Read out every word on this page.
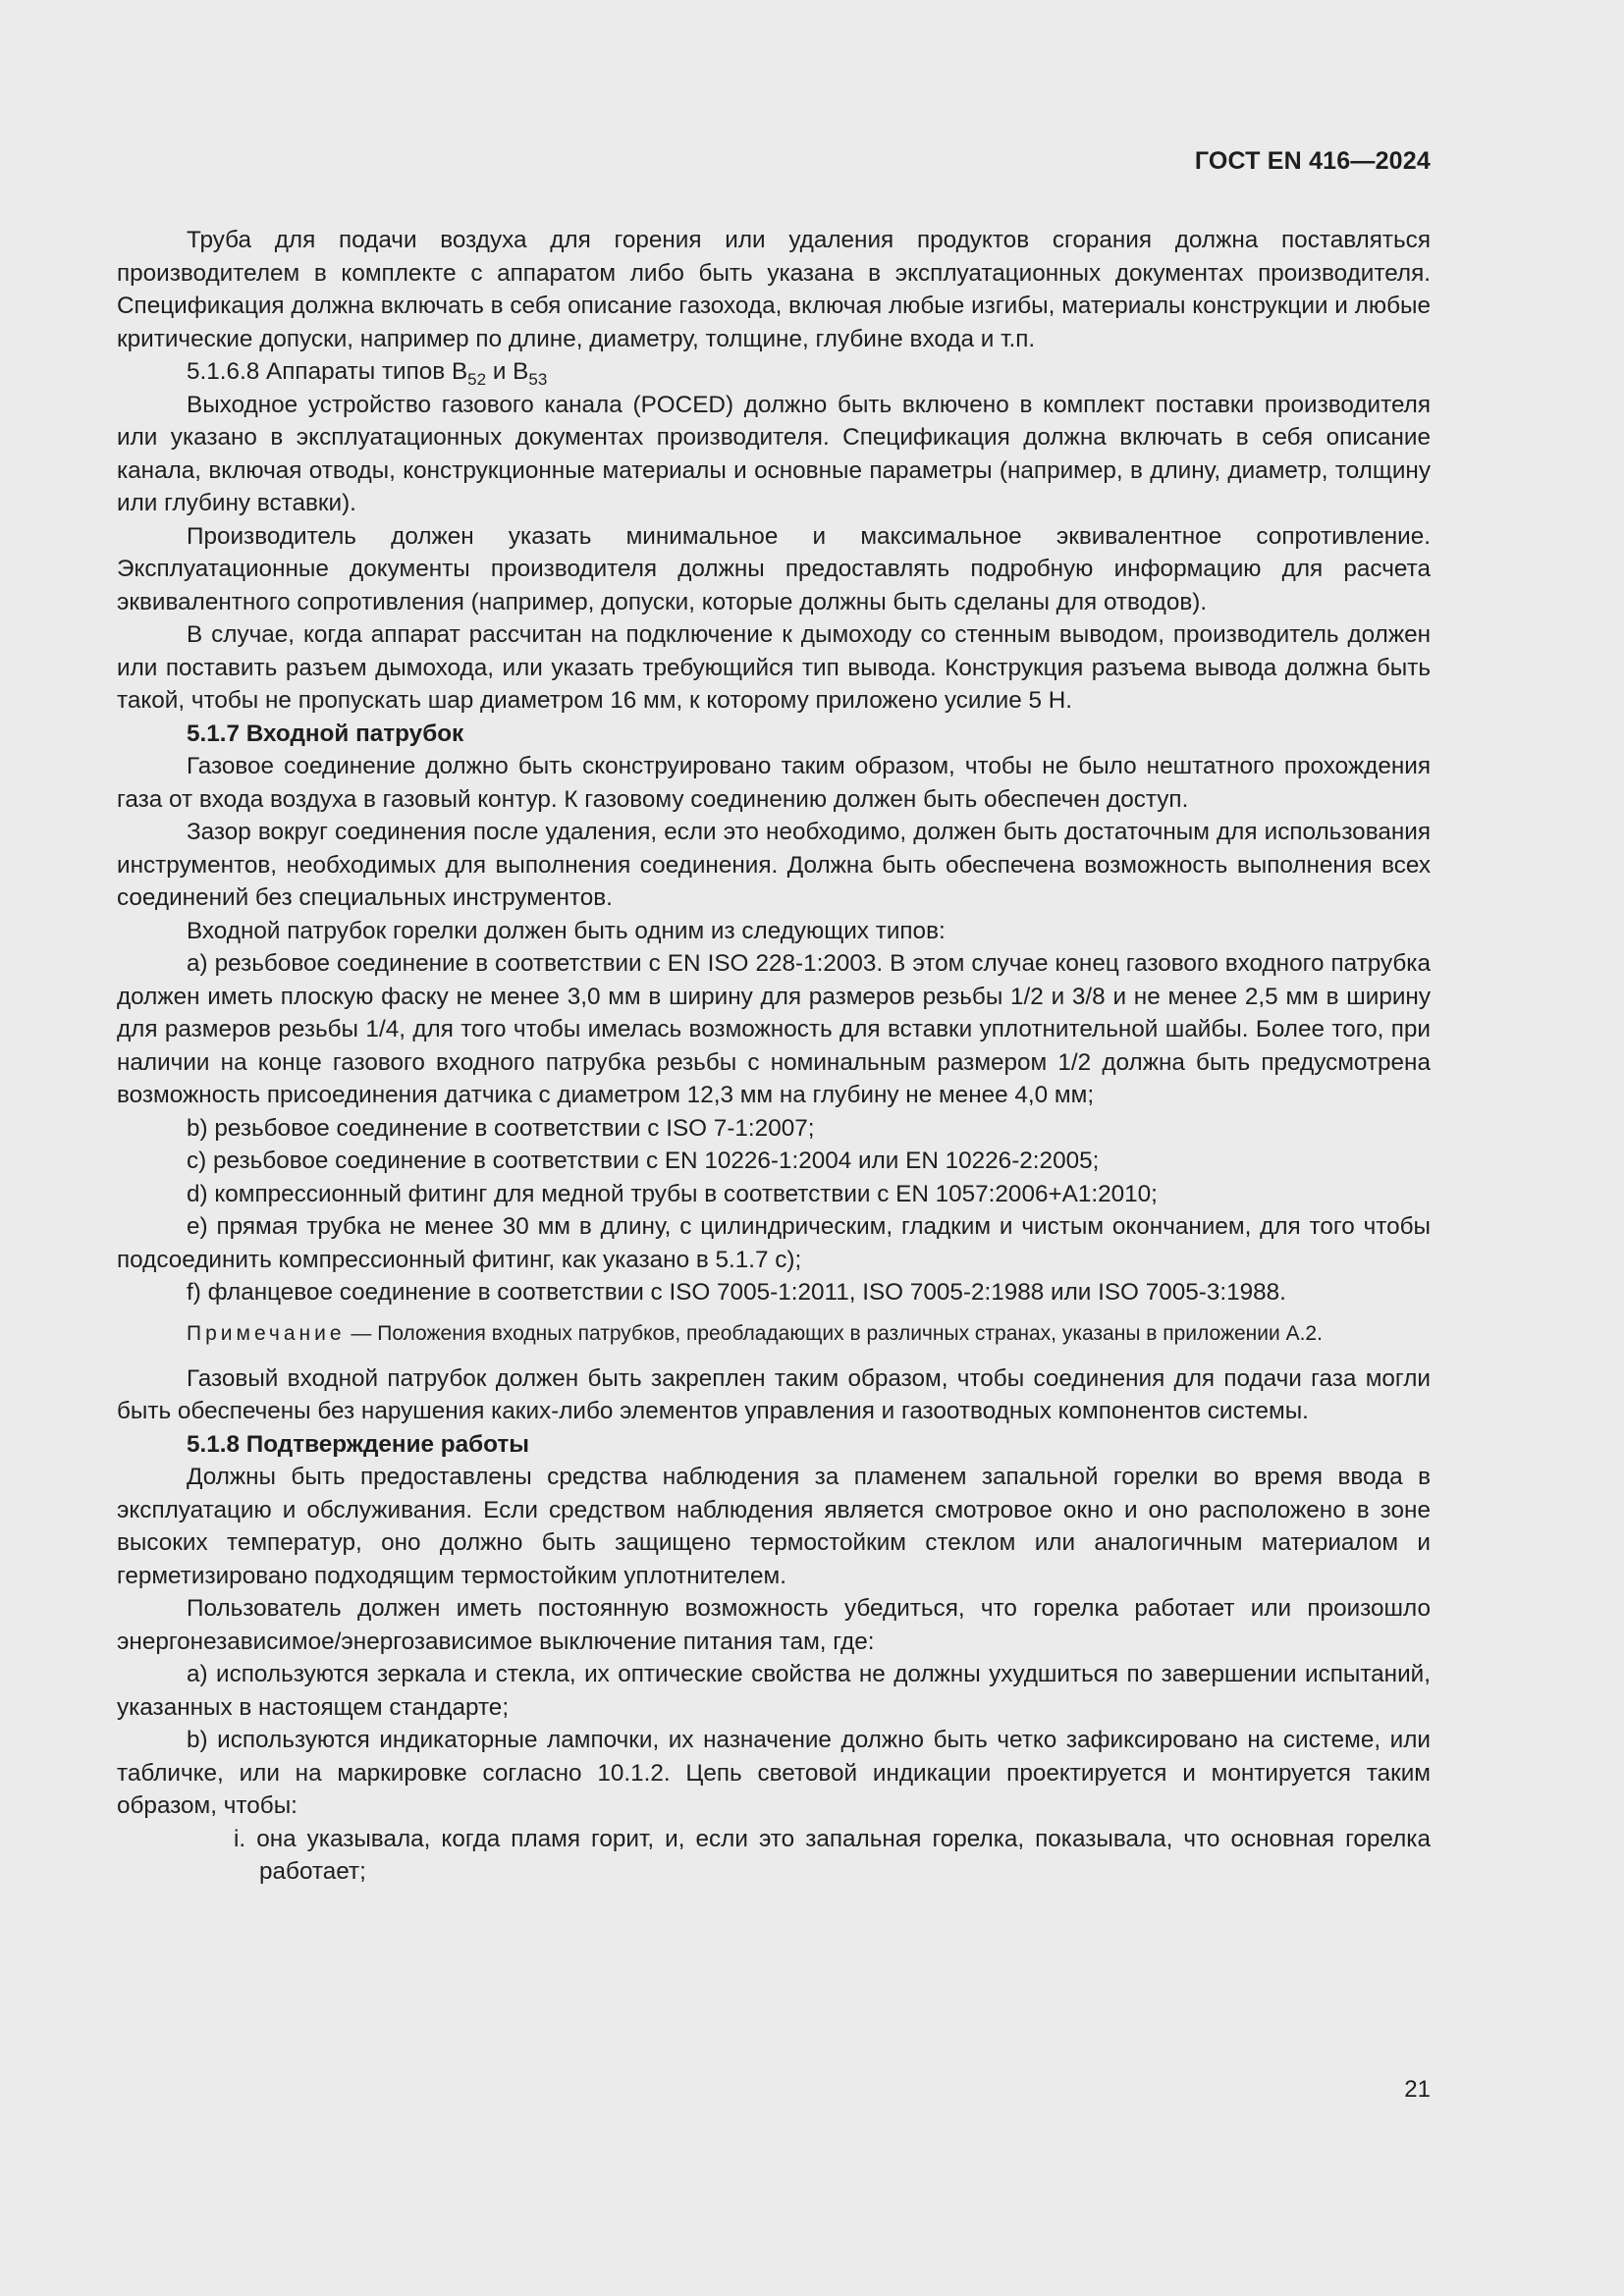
ГОСТ EN 416—2024

Труба для подачи воздуха для горения или удаления продуктов сгорания должна поставляться производителем в комплекте с аппаратом либо быть указана в эксплуатационных документах производителя. Спецификация должна включать в себя описание газохода, включая любые изгибы, материалы конструкции и любые критические допуски, например по длине, диаметру, толщине, глубине входа и т.п.

5.1.6.8 Аппараты типов $B_{52}$ и $B_{53}$

Выходное устройство газового канала (POCED) должно быть включено в комплект поставки производителя или указано в эксплуатационных документах производителя. Спецификация должна включать в себя описание канала, включая отводы, конструкционные материалы и основные параметры (например, в длину, диаметр, толщину или глубину вставки).

Производитель должен указать минимальное и максимальное эквивалентное сопротивление. Эксплуатационные документы производителя должны предоставлять подробную информацию для расчета эквивалентного сопротивления (например, допуски, которые должны быть сделаны для отводов).

В случае, когда аппарат рассчитан на подключение к дымоходу со стенным выводом, производитель должен или поставить разъем дымохода, или указать требующийся тип вывода. Конструкция разъема вывода должна быть такой, чтобы не пропускать шар диаметром 16 мм, к которому приложено усилие 5 Н.

5.1.7 Входной патрубок

Газовое соединение должно быть сконструировано таким образом, чтобы не было нештатного прохождения газа от входа воздуха в газовый контур. К газовому соединению должен быть обеспечен доступ.

Зазор вокруг соединения после удаления, если это необходимо, должен быть достаточным для использования инструментов, необходимых для выполнения соединения. Должна быть обеспечена возможность выполнения всех соединений без специальных инструментов.

Входной патрубок горелки должен быть одним из следующих типов:

a) резьбовое соединение в соответствии с EN ISO 228-1:2003. В этом случае конец газового входного патрубка должен иметь плоскую фаску не менее 3,0 мм в ширину для размеров резьбы 1/2 и 3/8 и не менее 2,5 мм в ширину для размеров резьбы 1/4, для того чтобы имелась возможность для вставки уплотнительной шайбы. Более того, при наличии на конце газового входного патрубка резьбы с номинальным размером 1/2 должна быть предусмотрена возможность присоединения датчика с диаметром 12,3 мм на глубину не менее 4,0 мм;

b) резьбовое соединение в соответствии с ISO 7-1:2007;

c) резьбовое соединение в соответствии с EN 10226-1:2004 или EN 10226-2:2005;

d) компрессионный фитинг для медной трубы в соответствии с EN 1057:2006+A1:2010;

e) прямая трубка не менее 30 мм в длину, с цилиндрическим, гладким и чистым окончанием, для того чтобы подсоединить компрессионный фитинг, как указано в 5.1.7 c);

f) фланцевое соединение в соответствии с ISO 7005-1:2011, ISO 7005-2:1988 или ISO 7005-3:1988.

Примечание — Положения входных патрубков, преобладающих в различных странах, указаны в приложении А.2.

Газовый входной патрубок должен быть закреплен таким образом, чтобы соединения для подачи газа могли быть обеспечены без нарушения каких-либо элементов управления и газоотводных компонентов системы.

5.1.8 Подтверждение работы

Должны быть предоставлены средства наблюдения за пламенем запальной горелки во время ввода в эксплуатацию и обслуживания. Если средством наблюдения является смотровое окно и оно расположено в зоне высоких температур, оно должно быть защищено термостойким стеклом или аналогичным материалом и герметизировано подходящим термостойким уплотнителем.

Пользователь должен иметь постоянную возможность убедиться, что горелка работает или произошло энергонезависимое/энергозависимое выключение питания там, где:

a) используются зеркала и стекла, их оптические свойства не должны ухудшиться по завершении испытаний, указанных в настоящем стандарте;

b) используются индикаторные лампочки, их назначение должно быть четко зафиксировано на системе, или табличке, или на маркировке согласно 10.1.2. Цепь световой индикации проектируется и монтируется таким образом, чтобы:

i. она указывала, когда пламя горит, и, если это запальная горелка, показывала, что основная горелка работает;

21
